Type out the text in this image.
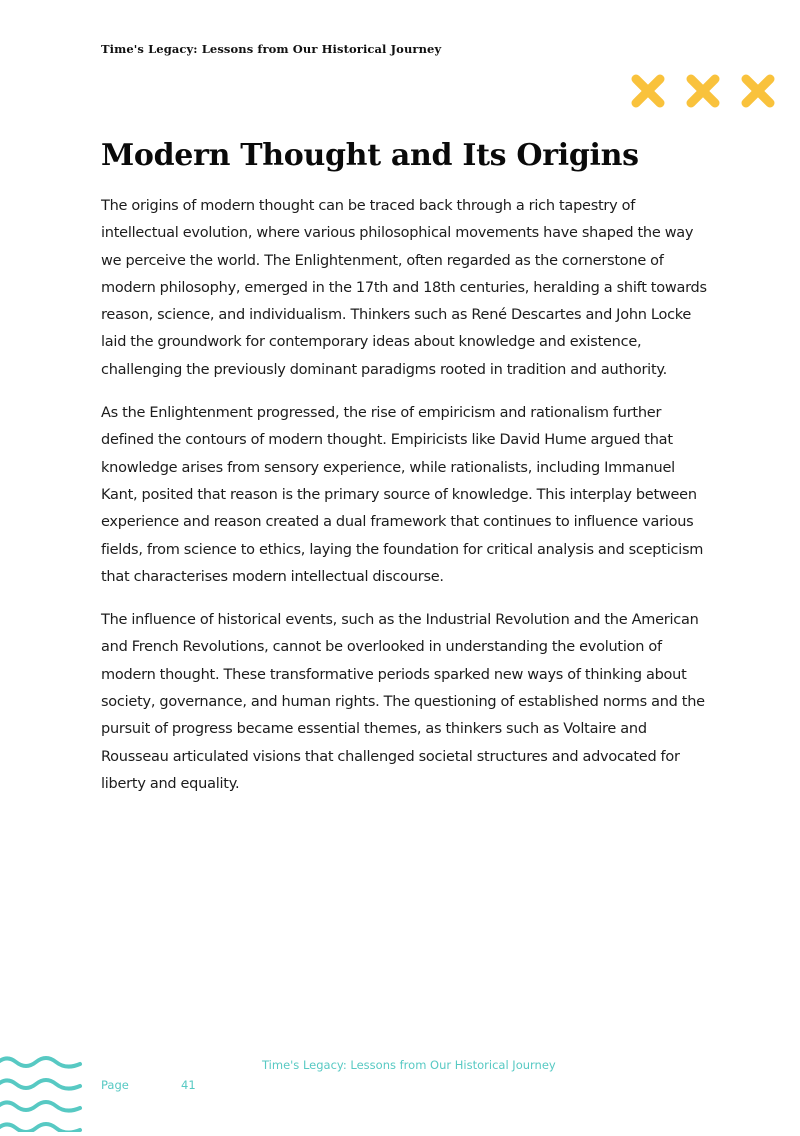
Time's Legacy: Lessons from Our Historical Journey
Modern Thought and Its Origins

The origins of modern thought can be traced back through a rich tapestry of intellectual evolution, where various philosophical movements have shaped the way we perceive the world. The Enlightenment, often regarded as the cornerstone of modern philosophy, emerged in the 17th and 18th centuries, heralding a shift towards reason, science, and individualism. Thinkers such as René Descartes and John Locke laid the groundwork for contemporary ideas about knowledge and existence, challenging the previously dominant paradigms rooted in tradition and authority.

As the Enlightenment progressed, the rise of empiricism and rationalism further defined the contours of modern thought. Empiricists like David Hume argued that knowledge arises from sensory experience, while rationalists, including Immanuel Kant, posited that reason is the primary source of knowledge. This interplay between experience and reason created a dual framework that continues to influence various fields, from science to ethics, laying the foundation for critical analysis and scepticism that characterises modern intellectual discourse.

The influence of historical events, such as the Industrial Revolution and the American and French Revolutions, cannot be overlooked in understanding the evolution of modern thought. These transformative periods sparked new ways of thinking about society, governance, and human rights. The questioning of established norms and the pursuit of progress became essential themes, as thinkers such as Voltaire and Rousseau articulated visions that challenged societal structures and advocated for liberty and equality.

Time's Legacy: Lessons from Our Historical Journey
Page	41
